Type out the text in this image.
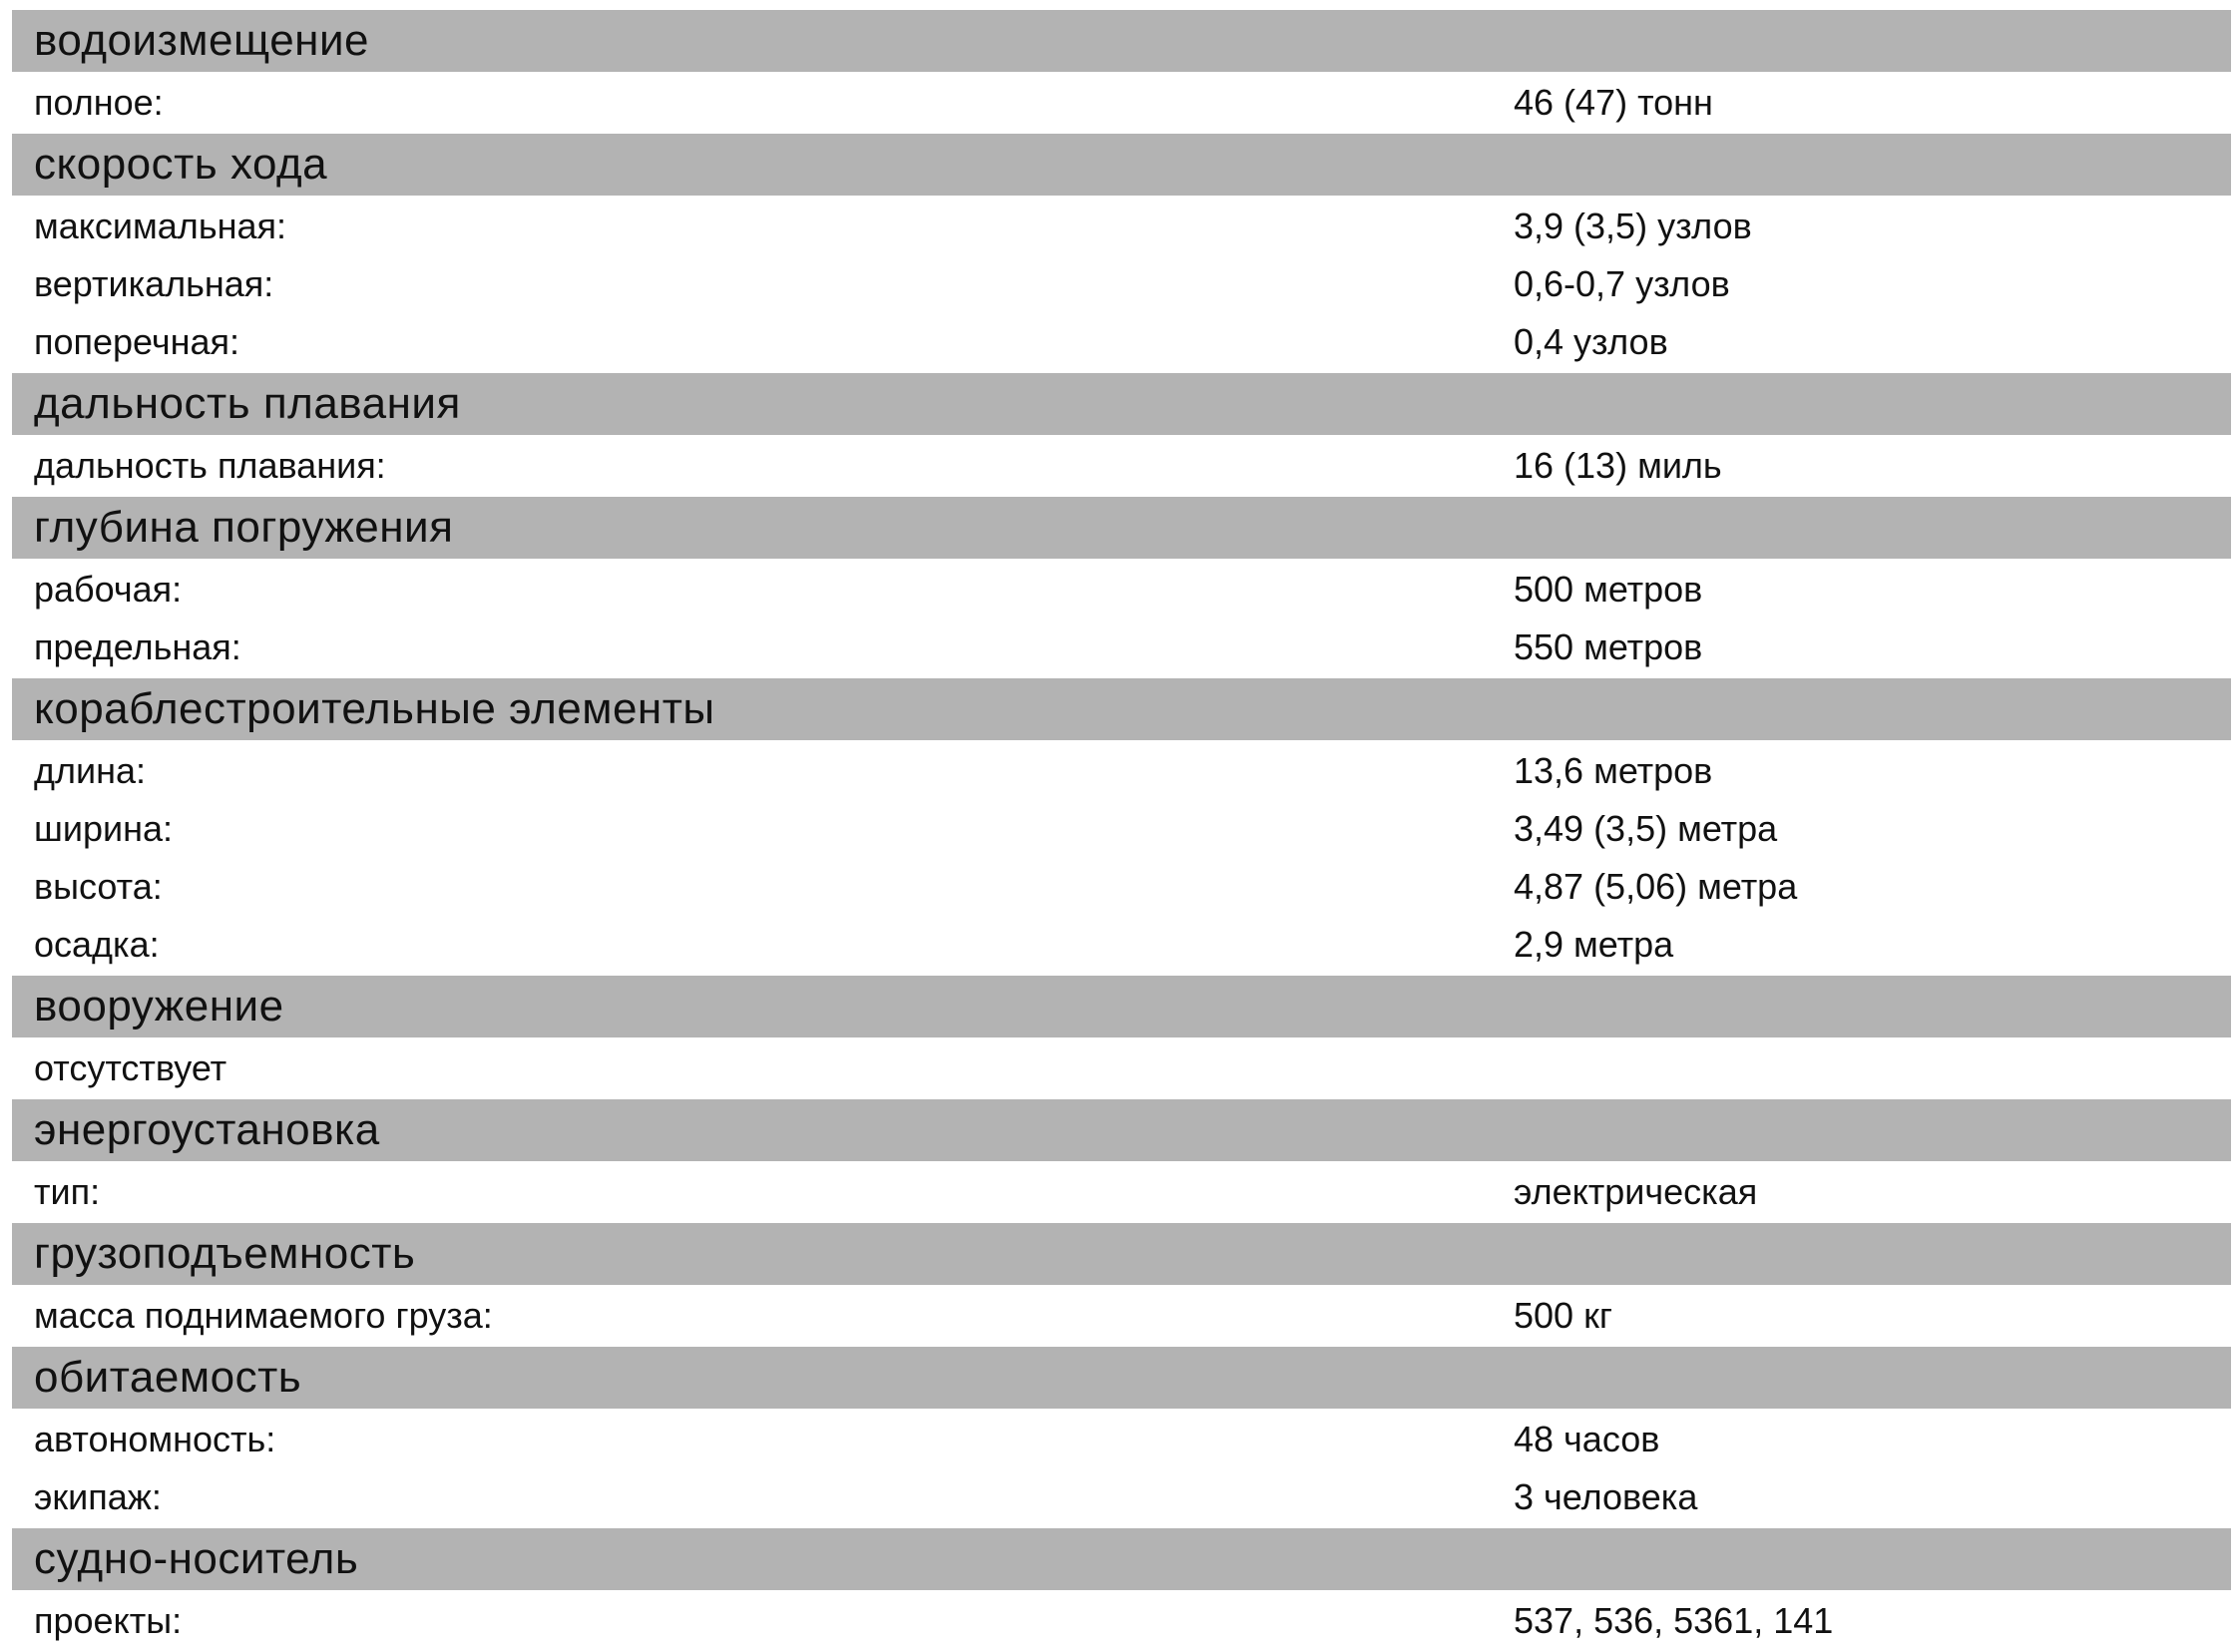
водоизмещение
полное:	46 (47) тонн
скорость хода
максимальная:	3,9 (3,5) узлов
вертикальная:	0,6-0,7 узлов
поперечная:	0,4 узлов
дальность плавания
дальность плавания:	16 (13) миль
глубина погружения
рабочая:	500 метров
предельная:	550 метров
кораблестроительные элементы
длина:	13,6 метров
ширина:	3,49 (3,5) метра
высота:	4,87 (5,06) метра
осадка:	2,9 метра
вооружение
отсутствует
энергоустановка
тип:	электрическая
грузоподъемность
масса поднимаемого груза:	500 кг
обитаемость
автономность:	48 часов
экипаж:	3 человека
судно-носитель
проекты:	537, 536, 5361, 141
